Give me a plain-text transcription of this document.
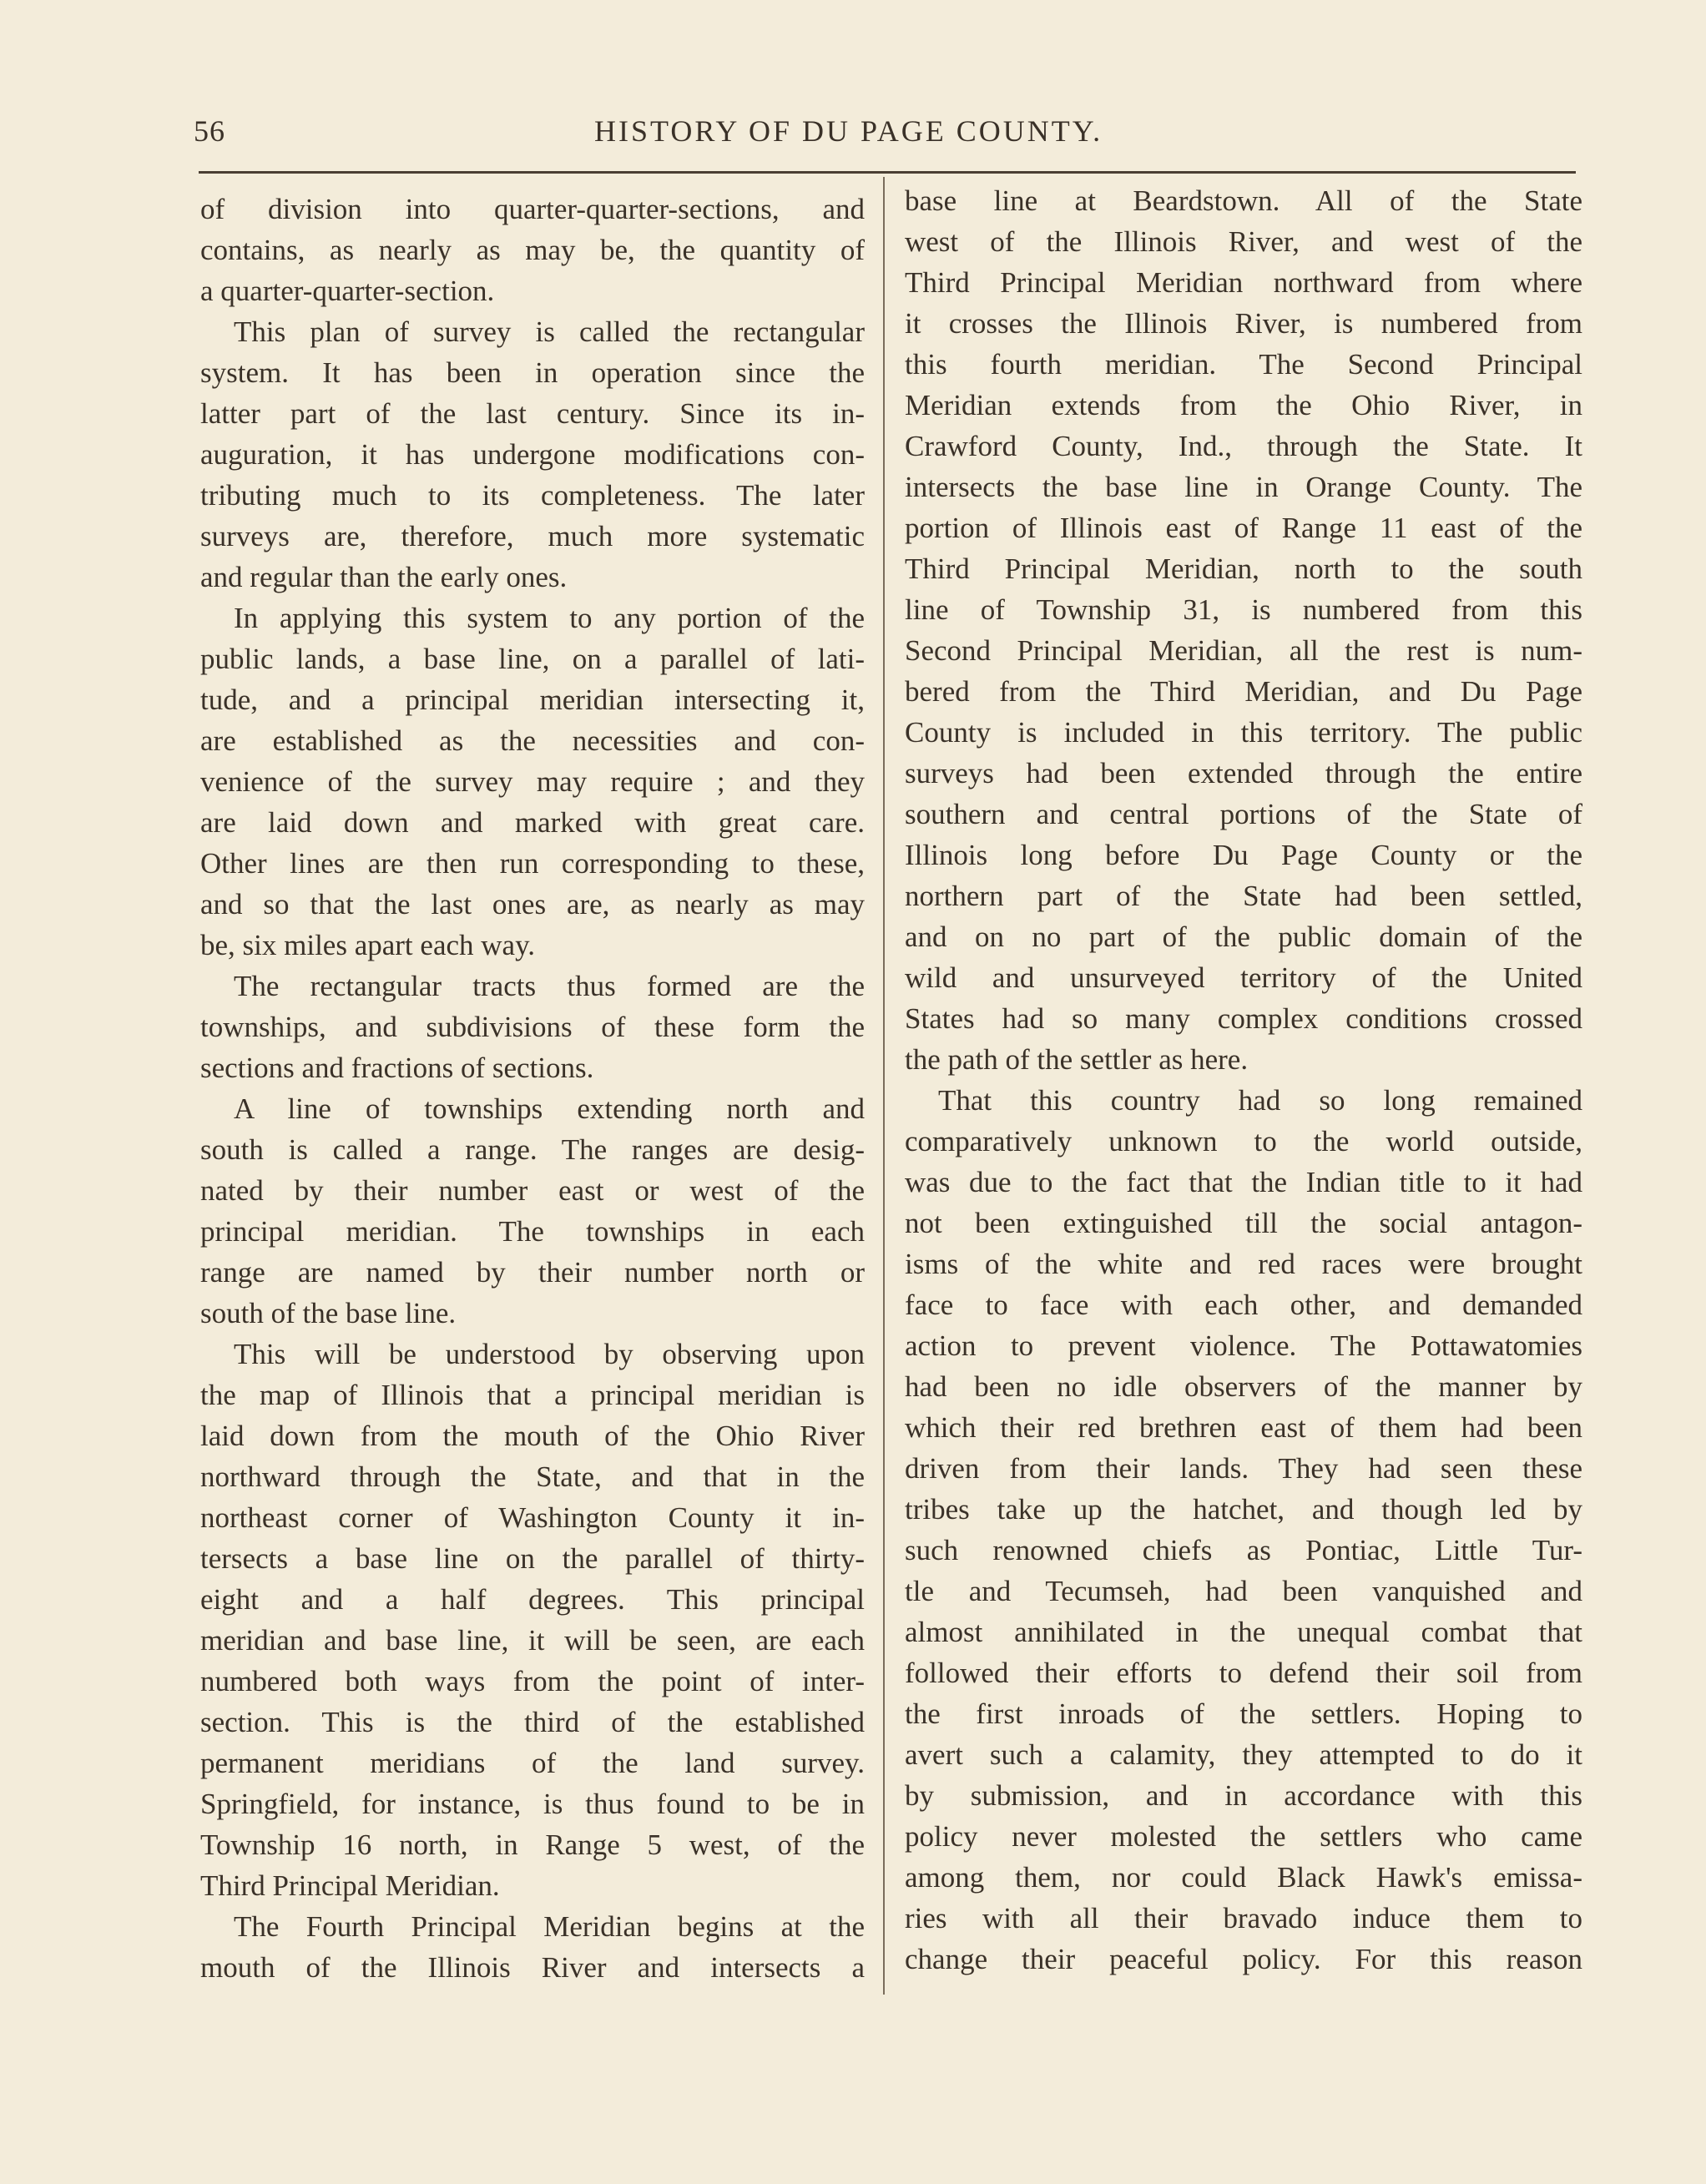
56	HISTORY OF DU PAGE COUNTY.
of division into quarter-quarter-sections, and
contains, as nearly as may be, the quantity of
a quarter-quarter-section.
This plan of survey is called the rectangular
system. It has been in operation since the
latter part of the last century. Since its in-
auguration, it has undergone modifications con-
tributing much to its completeness. The later
surveys are, therefore, much more systematic
and regular than the early ones.
In applying this system to any portion of the
public lands, a base line, on a parallel of lati-
tude, and a principal meridian intersecting it,
are established as the necessities and con-
venience of the survey may require ; and they
are laid down and marked with great care.
Other lines are then run corresponding to these,
and so that the last ones are, as nearly as may
be, six miles apart each way.
The rectangular tracts thus formed are the
townships, and subdivisions of these form the
sections and fractions of sections.
A line of townships extending north and
south is called a range. The ranges are desig-
nated by their number east or west of the
principal meridian. The townships in each
range are named by their number north or
south of the base line.
This will be understood by observing upon
the map of Illinois that a principal meridian is
laid down from the mouth of the Ohio River
northward through the State, and that in the
northeast corner of Washington County it in-
tersects a base line on the parallel of thirty-
eight and a half degrees. This principal
meridian and base line, it will be seen, are each
numbered both ways from the point of inter-
section. This is the third of the established
permanent meridians of the land survey.
Springfield, for instance, is thus found to be in
Township 16 north, in Range 5 west, of the
Third Principal Meridian.
The Fourth Principal Meridian begins at the
mouth of the Illinois River and intersects a
base line at Beardstown. All of the State
west of the Illinois River, and west of the
Third Principal Meridian northward from where
it crosses the Illinois River, is numbered from
this fourth meridian. The Second Principal
Meridian extends from the Ohio River, in
Crawford County, Ind., through the State. It
intersects the base line in Orange County. The
portion of Illinois east of Range 11 east of the
Third Principal Meridian, north to the south
line of Township 31, is numbered from this
Second Principal Meridian, all the rest is num-
bered from the Third Meridian, and Du Page
County is included in this territory. The public
surveys had been extended through the entire
southern and central portions of the State of
Illinois long before Du Page County or the
northern part of the State had been settled,
and on no part of the public domain of the
wild and unsurveyed territory of the United
States had so many complex conditions crossed
the path of the settler as here.
That this country had so long remained
comparatively unknown to the world outside,
was due to the fact that the Indian title to it had
not been extinguished till the social antagon-
isms of the white and red races were brought
face to face with each other, and demanded
action to prevent violence. The Pottawatomies
had been no idle observers of the manner by
which their red brethren east of them had been
driven from their lands. They had seen these
tribes take up the hatchet, and though led by
such renowned chiefs as Pontiac, Little Tur-
tle and Tecumseh, had been vanquished and
almost annihilated in the unequal combat that
followed their efforts to defend their soil from
the first inroads of the settlers. Hoping to
avert such a calamity, they attempted to do it
by submission, and in accordance with this
policy never molested the settlers who came
among them, nor could Black Hawk's emissa-
ries with all their bravado induce them to
change their peaceful policy. For this reason
